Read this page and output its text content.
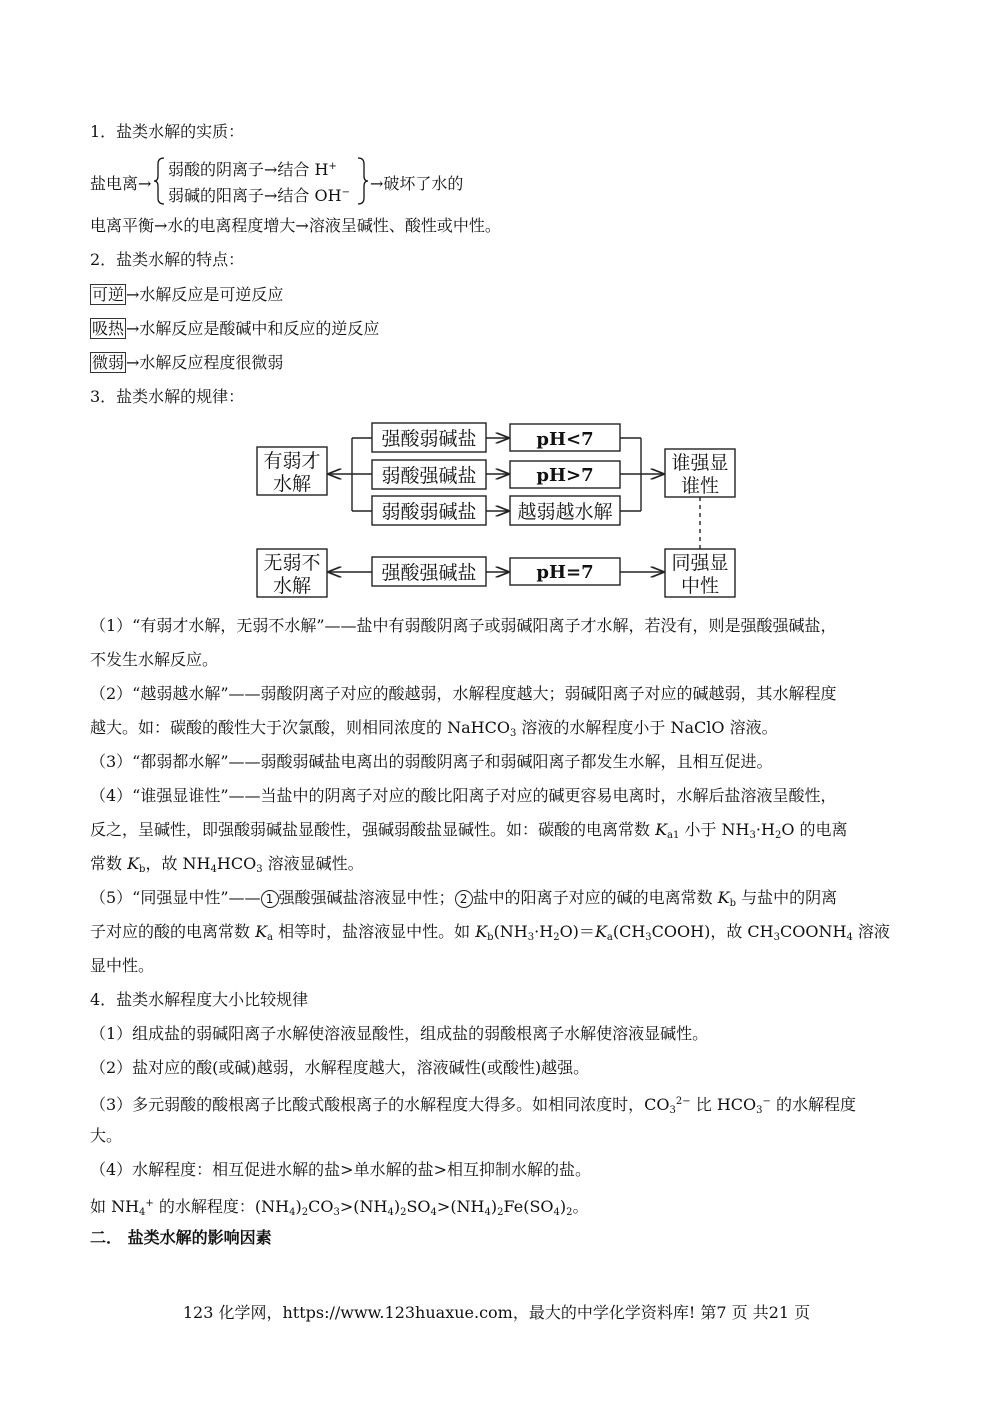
1．盐类水解的实质：
盐电离→
弱酸的阴离子→结合 H+
弱碱的阳离子→结合 OH− →破坏了水的
电离平衡→水的电离程度增大→溶液呈碱性、酸性或中性。
2．盐类水解的特点：
可逆 →水解反应是可逆反应
吸热 →水解反应是酸碱中和反应的逆反应
微弱 →水解反应程度很微弱
3．盐类水解的规律：
有弱才
水解
无弱不
水解
强酸弱碱盐
弱酸强碱盐
弱酸弱碱盐
强酸强碱盐
pH<7
pH>7
越弱越水解
pH=7
谁强显
谁性
同强显
中性
（1）“有弱才水解，无弱不水解”——盐中有弱酸阴离子或弱碱阳离子才水解，若没有，则是强酸强碱盐，
不发生水解反应。
（2）“越弱越水解”——弱酸阴离子对应的酸越弱，水解程度越大；弱碱阳离子对应的碱越弱，其水解程度
越大。如：碳酸的酸性大于次氯酸，则相同浓度的 NaHCO$_3$ 溶液的水解程度小于 NaClO 溶液。
（3）“都弱都水解”——弱酸弱碱盐电离出的弱酸阴离子和弱碱阳离子都发生水解，且相互促进。
（4）“谁强显谁性”——当盐中的阴离子对应的酸比阳离子对应的碱更容易电离时，水解后盐溶液呈酸性，
反之，呈碱性，即强酸弱碱盐显酸性，强碱弱酸盐显碱性。如：碳酸的电离常数 $K_{a1}$ 小于 $NH_3\cdot H_2O$ 的电离
常数 $K_b$，故 $NH_4HCO_3$ 溶液显碱性。
（5）“同强显中性”—— 1 强酸强碱盐溶液显中性； 2 盐中的阳离子对应的碱的电离常数 $K_b$ 与盐中的阴离
子对应的酸的电离常数 $K_a$ 相等时，盐溶液显中性。如 $K_b(NH_3\cdot H_2O)=K_a(CH_3COOH)$，故 $CH_3COONH_4$ 溶液
显中性。
4．盐类水解程度大小比较规律
（1）组成盐的弱碱阳离子水解使溶液显酸性，组成盐的弱酸根离子水解使溶液显碱性。
（2）盐对应的酸(或碱)越弱，水解程度越大，溶液碱性(或酸性)越强。
（3）多元弱酸的酸根离子比酸式酸根离子的水解程度大得多。如相同浓度时，$CO_3^{2-}$ 比 $HCO_3^-$ 的水解程度
大。
（4）水解程度：相互促进水解的盐>单水解的盐>相互抑制水解的盐。
如 $NH_4^+$ 的水解程度：$(NH_4)_2CO_3>(NH_4)_2SO_4>(NH_4)_2Fe(SO_4)_2$。
二． 盐类水解的影响因素
123 化学网，https://www.123huaxue.com，最大的中学化学资料库! 第7 页 共21 页
